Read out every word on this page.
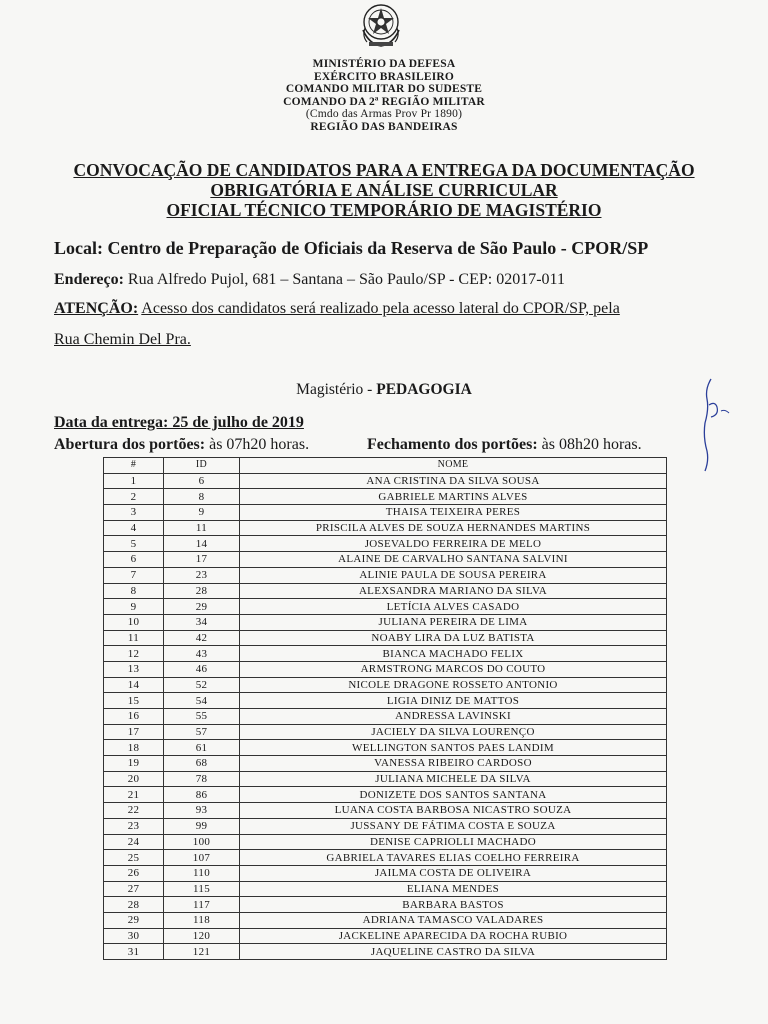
MINISTÉRIO DA DEFESA
EXÉRCITO BRASILEIRO
COMANDO MILITAR DO SUDESTE
COMANDO DA 2ª REGIÃO MILITAR
(Cmdo das Armas Prov Pr 1890)
REGIÃO DAS BANDEIRAS
CONVOCAÇÃO DE CANDIDATOS PARA A ENTREGA DA DOCUMENTAÇÃO
OBRIGATÓRIA E ANÁLISE CURRICULAR
OFICIAL TÉCNICO TEMPORÁRIO DE MAGISTÉRIO
Local: Centro de Preparação de Oficiais da Reserva de São Paulo - CPOR/SP
Endereço: Rua Alfredo Pujol, 681 – Santana – São Paulo/SP - CEP: 02017-011
ATENÇÃO: Acesso dos candidatos será realizado pela acesso lateral do CPOR/SP, pela
Rua Chemin Del Pra.
Magistério - PEDAGOGIA
Data da entrega: 25 de julho de 2019
Abertura dos portões: às 07h20 horas.	Fechamento dos portões: às 08h20 horas.
#	ID	NOME
1	6	ANA CRISTINA DA SILVA SOUSA
2	8	GABRIELE MARTINS ALVES
3	9	THAISA TEIXEIRA PERES
4	11	PRISCILA ALVES DE SOUZA HERNANDES MARTINS
5	14	JOSEVALDO FERREIRA DE MELO
6	17	ALAINE DE CARVALHO SANTANA SALVINI
7	23	ALINIE PAULA DE SOUSA PEREIRA
8	28	ALEXSANDRA MARIANO DA SILVA
9	29	LETÍCIA ALVES CASADO
10	34	JULIANA PEREIRA DE LIMA
11	42	NOABY LIRA DA LUZ BATISTA
12	43	BIANCA MACHADO FELIX
13	46	ARMSTRONG MARCOS DO COUTO
14	52	NICOLE DRAGONE ROSSETO ANTONIO
15	54	LIGIA DINIZ DE MATTOS
16	55	ANDRESSA LAVINSKI
17	57	JACIELY DA SILVA LOURENÇO
18	61	WELLINGTON SANTOS PAES LANDIM
19	68	VANESSA RIBEIRO CARDOSO
20	78	JULIANA MICHELE DA SILVA
21	86	DONIZETE DOS SANTOS SANTANA
22	93	LUANA COSTA BARBOSA NICASTRO SOUZA
23	99	JUSSANY DE FÁTIMA COSTA E SOUZA
24	100	DENISE CAPRIOLLI MACHADO
25	107	GABRIELA TAVARES ELIAS COELHO FERREIRA
26	110	JAILMA COSTA DE OLIVEIRA
27	115	ELIANA MENDES
28	117	BARBARA BASTOS
29	118	ADRIANA TAMASCO VALADARES
30	120	JACKELINE APARECIDA DA ROCHA RUBIO
31	121	JAQUELINE CASTRO DA SILVA
